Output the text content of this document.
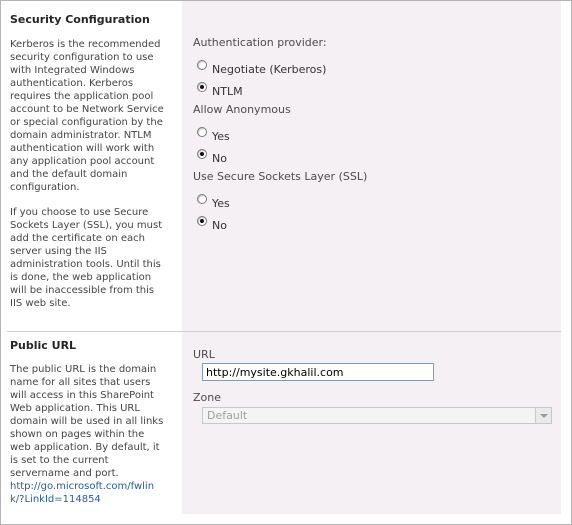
Security Configuration

Kerberos is the recommended security configuration to use with Integrated Windows authentication. Kerberos requires the application pool account to be Network Service or special configuration by the domain administrator. NTLM authentication will work with any application pool account and the default domain configuration.

If you choose to use Secure Sockets Layer (SSL), you must add the certificate on each server using the IIS administration tools. Until this is done, the web application will be inaccessible from this IIS web site.

Authentication provider:
Negotiate (Kerberos)
NTLM
Allow Anonymous
Yes
No
Use Secure Sockets Layer (SSL)
Yes
No
Public URL
The public URL is the domain name for all sites that users will access in this SharePoint Web application. This URL domain will be used in all links shown on pages within the web application. By default, it is set to the current servername and port.
http://go.microsoft.com/fwlink/?LinkId=114854
URL
Zone
http://mysite.gkhalil.com
Default
